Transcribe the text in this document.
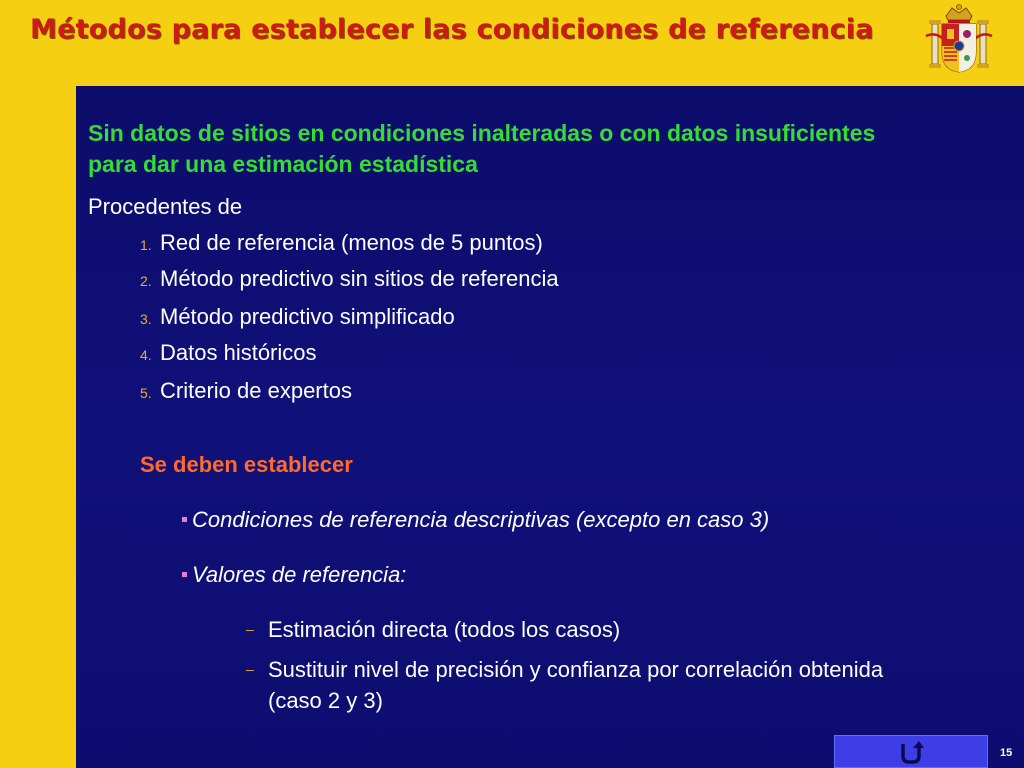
Métodos para establecer las condiciones de referencia
Sin datos de sitios en condiciones inalteradas o con datos insuficientes para dar una estimación estadística
Procedentes de
1. Red de referencia (menos de 5 puntos)
2. Método predictivo sin sitios de referencia
3. Método predictivo simplificado
4. Datos históricos
5. Criterio de expertos
Se deben establecer
Condiciones de referencia descriptivas (excepto en caso 3)
Valores de referencia:
– Estimación directa (todos los casos)
– Sustituir nivel de precisión y confianza por correlación obtenida (caso 2 y 3)
15
